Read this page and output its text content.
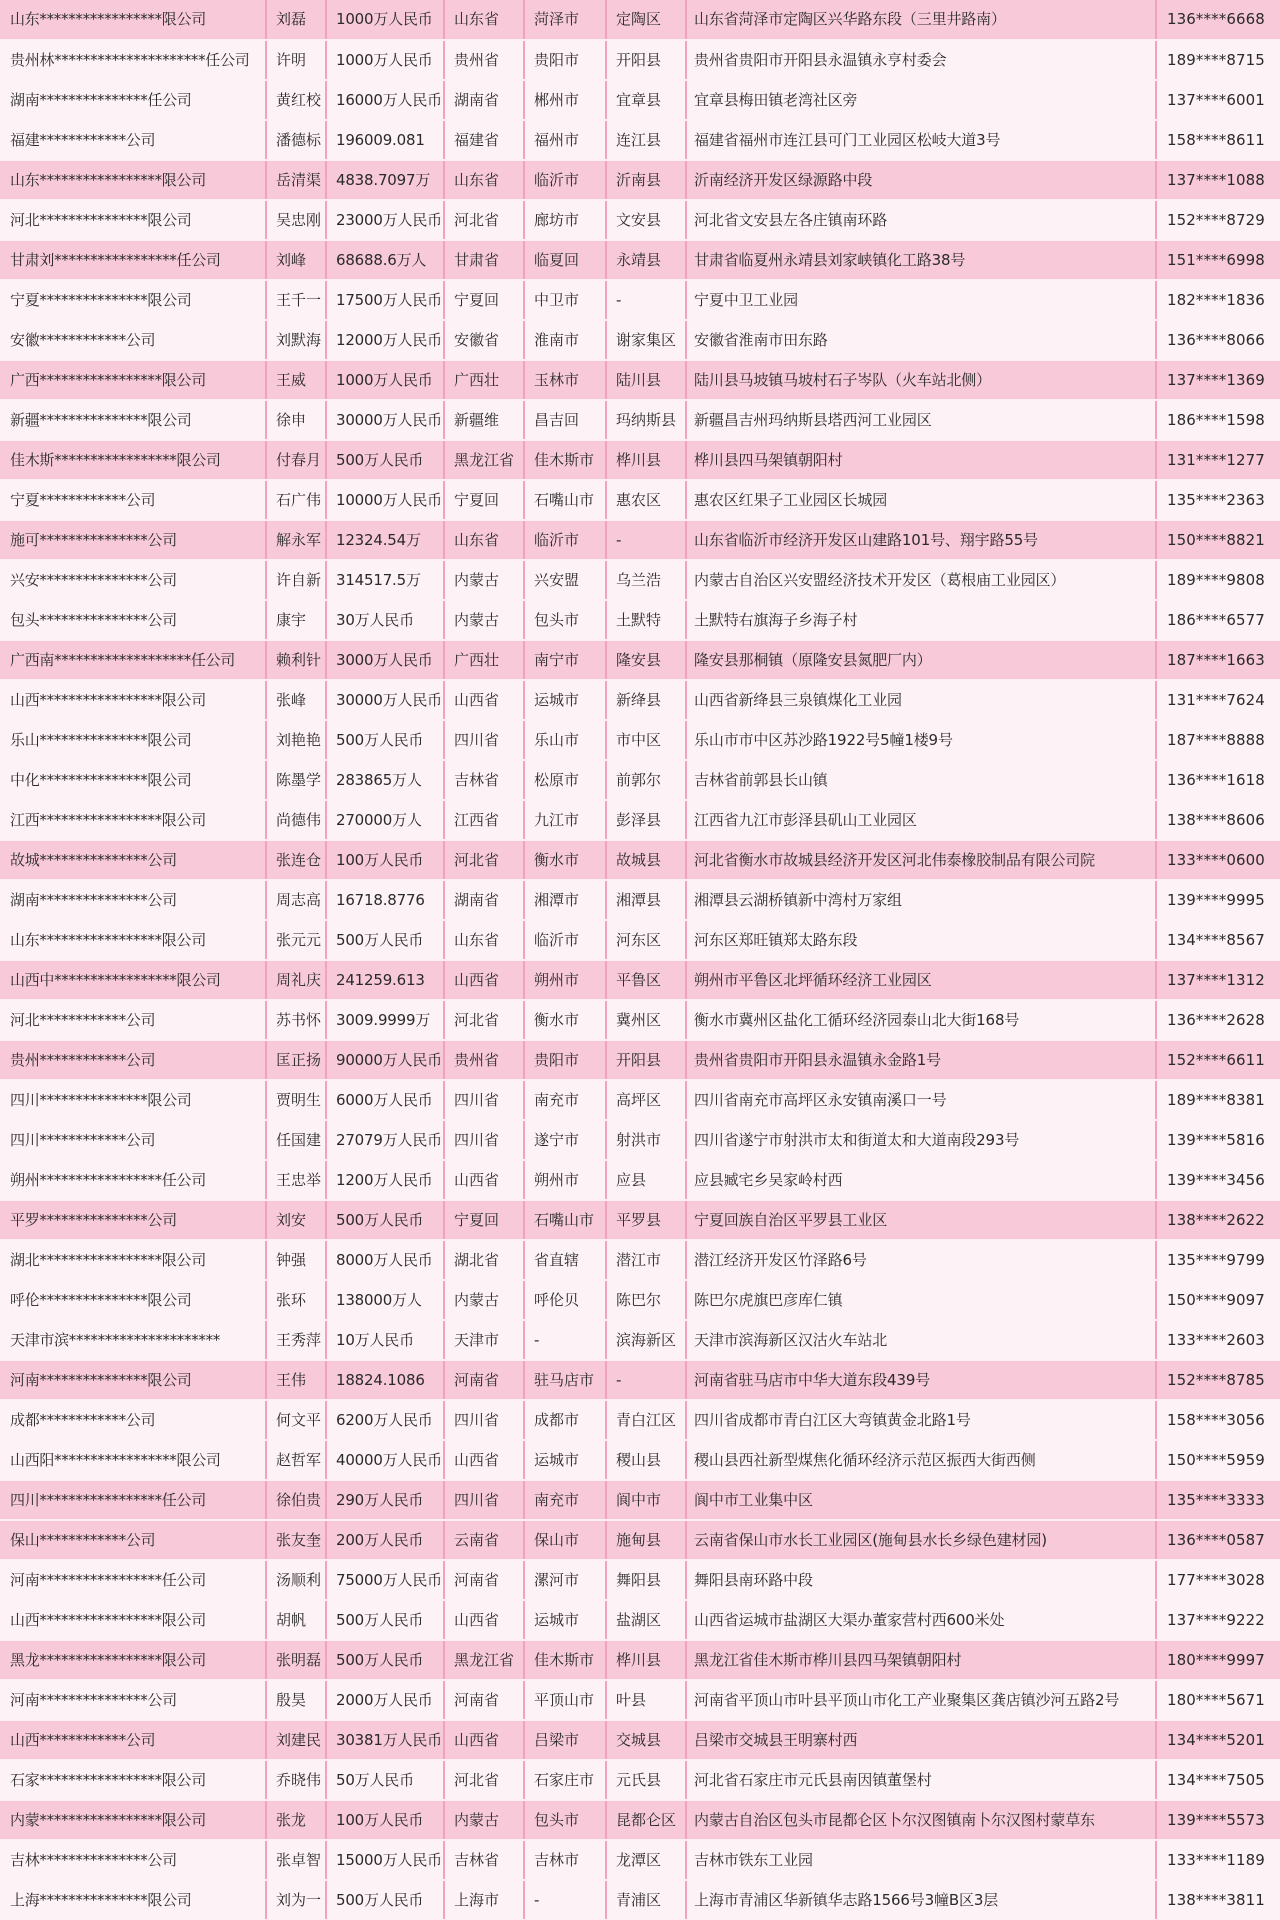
山东*****************限公司	刘磊	1000万人民币	山东省	菏泽市	定陶区	山东省菏泽市定陶区兴华路东段（三里井路南）	136****6668
贵州林*********************任公司	许明	1000万人民币	贵州省	贵阳市	开阳县	贵州省贵阳市开阳县永温镇永亨村委会	189****8715
湖南***************任公司	黄红校	16000万人民币	湖南省	郴州市	宜章县	宜章县梅田镇老湾社区旁	137****6001
福建************公司	潘德标	196009.081	福建省	福州市	连江县	福建省福州市连江县可门工业园区松岐大道3号	158****8611
山东*****************限公司	岳清渠	4838.7097万	山东省	临沂市	沂南县	沂南经济开发区绿源路中段	137****1088
河北***************限公司	吴忠刚	23000万人民币	河北省	廊坊市	文安县	河北省文安县左各庄镇南环路	152****8729
甘肃刘*****************任公司	刘峰	68688.6万人	甘肃省	临夏回	永靖县	甘肃省临夏州永靖县刘家峡镇化工路38号	151****6998
宁夏***************限公司	王千一	17500万人民币	宁夏回	中卫市	-	宁夏中卫工业园	182****1836
安徽************公司	刘默海	12000万人民币	安徽省	淮南市	谢家集区	安徽省淮南市田东路	136****8066
广西*****************限公司	王威	1000万人民币	广西壮	玉林市	陆川县	陆川县马坡镇马坡村石子岑队（火车站北侧）	137****1369
新疆***************限公司	徐申	30000万人民币	新疆维	昌吉回	玛纳斯县	新疆昌吉州玛纳斯县塔西河工业园区	186****1598
佳木斯*****************限公司	付春月	500万人民币	黑龙江省	佳木斯市	桦川县	桦川县四马架镇朝阳村	131****1277
宁夏************公司	石广伟	10000万人民币	宁夏回	石嘴山市	惠农区	惠农区红果子工业园区长城园	135****2363
施可***************公司	解永军	12324.54万	山东省	临沂市	-	山东省临沂市经济开发区山建路101号、翔宇路55号	150****8821
兴安***************公司	许自新	314517.5万	内蒙古	兴安盟	乌兰浩	内蒙古自治区兴安盟经济技术开发区（葛根庙工业园区）	189****9808
包头***************公司	康宇	30万人民币	内蒙古	包头市	土默特	土默特右旗海子乡海子村	186****6577
广西南*******************任公司	赖利针	3000万人民币	广西壮	南宁市	隆安县	隆安县那桐镇（原隆安县氮肥厂内）	187****1663
山西*****************限公司	张峰	30000万人民币	山西省	运城市	新绛县	山西省新绛县三泉镇煤化工业园	131****7624
乐山***************限公司	刘艳艳	500万人民币	四川省	乐山市	市中区	乐山市市中区苏沙路1922号5幢1楼9号	187****8888
中化***************限公司	陈墨学	283865万人	吉林省	松原市	前郭尔	吉林省前郭县长山镇	136****1618
江西*****************限公司	尚德伟	270000万人	江西省	九江市	彭泽县	江西省九江市彭泽县矶山工业园区	138****8606
故城***************公司	张连仓	100万人民币	河北省	衡水市	故城县	河北省衡水市故城县经济开发区河北伟泰橡胶制品有限公司院	133****0600
湖南***************公司	周志高	16718.8776	湖南省	湘潭市	湘潭县	湘潭县云湖桥镇新中湾村万家组	139****9995
山东*****************限公司	张元元	500万人民币	山东省	临沂市	河东区	河东区郑旺镇郑太路东段	134****8567
山西中*****************限公司	周礼庆	241259.613	山西省	朔州市	平鲁区	朔州市平鲁区北坪循环经济工业园区	137****1312
河北************公司	苏书怀	3009.9999万	河北省	衡水市	冀州区	衡水市冀州区盐化工循环经济园泰山北大街168号	136****2628
贵州************公司	匡正扬	90000万人民币	贵州省	贵阳市	开阳县	贵州省贵阳市开阳县永温镇永金路1号	152****6611
四川***************限公司	贾明生	6000万人民币	四川省	南充市	高坪区	四川省南充市高坪区永安镇南溪口一号	189****8381
四川************公司	任国建	27079万人民币	四川省	遂宁市	射洪市	四川省遂宁市射洪市太和街道太和大道南段293号	139****5816
朔州*****************任公司	王忠举	1200万人民币	山西省	朔州市	应县	应县臧宅乡吴家岭村西	139****3456
平罗***************公司	刘安	500万人民币	宁夏回	石嘴山市	平罗县	宁夏回族自治区平罗县工业区	138****2622
湖北*****************限公司	钟强	8000万人民币	湖北省	省直辖	潜江市	潜江经济开发区竹泽路6号	135****9799
呼伦***************限公司	张环	138000万人	内蒙古	呼伦贝	陈巴尔	陈巴尔虎旗巴彦库仁镇	150****9097
天津市滨*********************	王秀萍	10万人民币	天津市	-	滨海新区	天津市滨海新区汉沽火车站北	133****2603
河南***************限公司	王伟	18824.1086	河南省	驻马店市	-	河南省驻马店市中华大道东段439号	152****8785
成都************公司	何文平	6200万人民币	四川省	成都市	青白江区	四川省成都市青白江区大弯镇黄金北路1号	158****3056
山西阳*****************限公司	赵哲军	40000万人民币	山西省	运城市	稷山县	稷山县西社新型煤焦化循环经济示范区振西大街西侧	150****5959
四川*****************任公司	徐伯贵	290万人民币	四川省	南充市	阆中市	阆中市工业集中区	135****3333
保山************公司	张友奎	200万人民币	云南省	保山市	施甸县	云南省保山市水长工业园区(施甸县水长乡绿色建材园)	136****0587
河南*****************任公司	汤顺利	75000万人民币	河南省	漯河市	舞阳县	舞阳县南环路中段	177****3028
山西*****************限公司	胡帆	500万人民币	山西省	运城市	盐湖区	山西省运城市盐湖区大渠办董家营村西600米处	137****9222
黑龙*****************限公司	张明磊	500万人民币	黑龙江省	佳木斯市	桦川县	黑龙江省佳木斯市桦川县四马架镇朝阳村	180****9997
河南***************公司	殷昊	2000万人民币	河南省	平顶山市	叶县	河南省平顶山市叶县平顶山市化工产业聚集区龚店镇沙河五路2号	180****5671
山西************公司	刘建民	30381万人民币	山西省	吕梁市	交城县	吕梁市交城县王明寨村西	134****5201
石家*****************限公司	乔晓伟	50万人民币	河北省	石家庄市	元氏县	河北省石家庄市元氏县南因镇董堡村	134****7505
内蒙*****************限公司	张龙	100万人民币	内蒙古	包头市	昆都仑区	内蒙古自治区包头市昆都仑区卜尔汉图镇南卜尔汉图村蒙草东	139****5573
吉林***************公司	张卓智	15000万人民币	吉林省	吉林市	龙潭区	吉林市铁东工业园	133****1189
上海***************限公司	刘为一	500万人民币	上海市	-	青浦区	上海市青浦区华新镇华志路1566号3幢B区3层	138****3811
